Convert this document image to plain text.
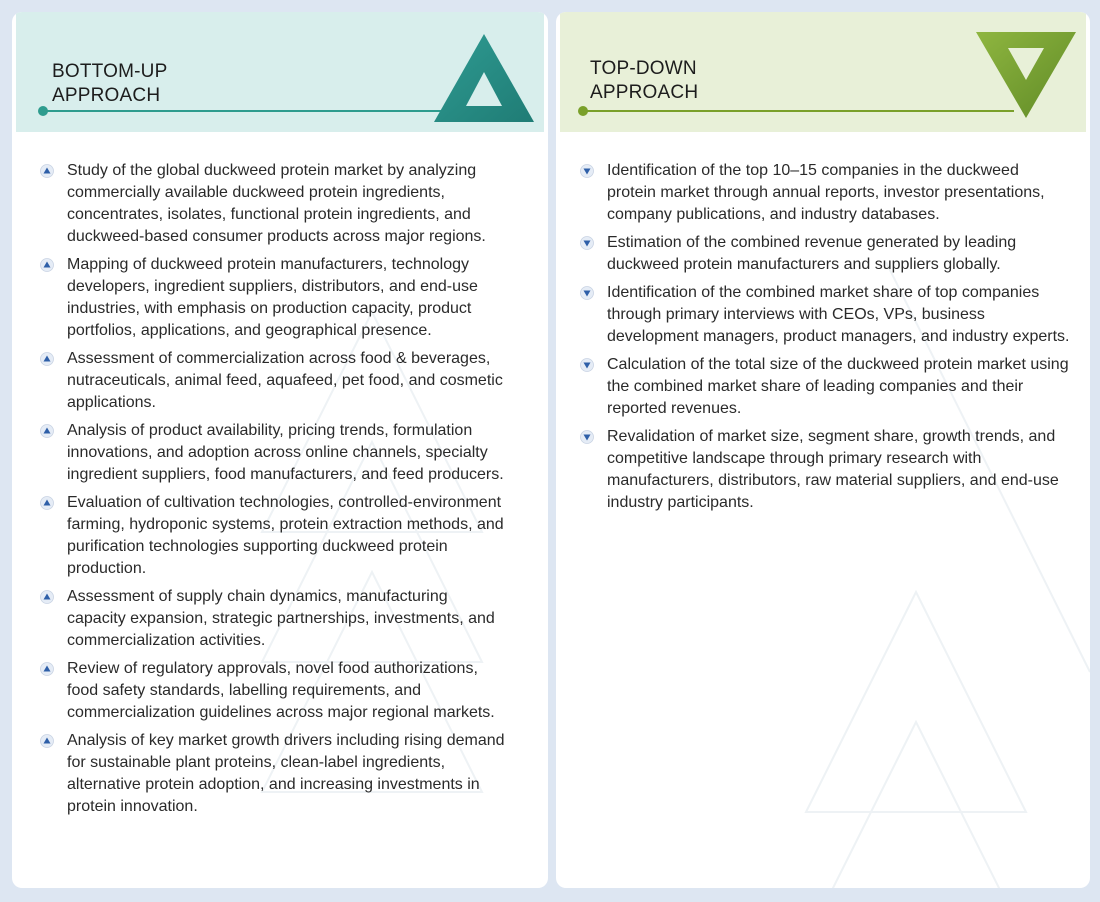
BOTTOM-UP
APPROACH
Study of the global duckweed protein market by analyzing commercially available duckweed protein ingredients, concentrates, isolates, functional protein ingredients, and duckweed-based consumer products across major regions.
Mapping of duckweed protein manufacturers, technology developers, ingredient suppliers, distributors, and end-use industries, with emphasis on production capacity, product portfolios, applications, and geographical presence.
Assessment of commercialization across food & beverages, nutraceuticals, animal feed, aquafeed, pet food, and cosmetic applications.
Analysis of product availability, pricing trends, formulation innovations, and adoption across online channels, specialty ingredient suppliers, food manufacturers, and feed producers.
Evaluation of cultivation technologies, controlled-environment farming, hydroponic systems, protein extraction methods, and purification technologies supporting duckweed protein production.
Assessment of supply chain dynamics, manufacturing capacity expansion, strategic partnerships, investments, and commercialization activities.
Review of regulatory approvals, novel food authorizations, food safety standards, labelling requirements, and commercialization guidelines across major regional markets.
Analysis of key market growth drivers including rising demand for sustainable plant proteins, clean-label ingredients, alternative protein adoption, and increasing investments in protein innovation.
TOP-DOWN
APPROACH
Identification of the top 10–15 companies in the duckweed protein market through annual reports, investor presentations, company publications, and industry databases.
Estimation of the combined revenue generated by leading duckweed protein manufacturers and suppliers globally.
Identification of the combined market share of top companies through primary interviews with CEOs, VPs, business development managers, product managers, and industry experts.
Calculation of the total size of the duckweed protein market using the combined market share of leading companies and their reported revenues.
Revalidation of market size, segment share, growth trends, and competitive landscape through primary research with manufacturers, distributors, raw material suppliers, and end-use industry participants.
